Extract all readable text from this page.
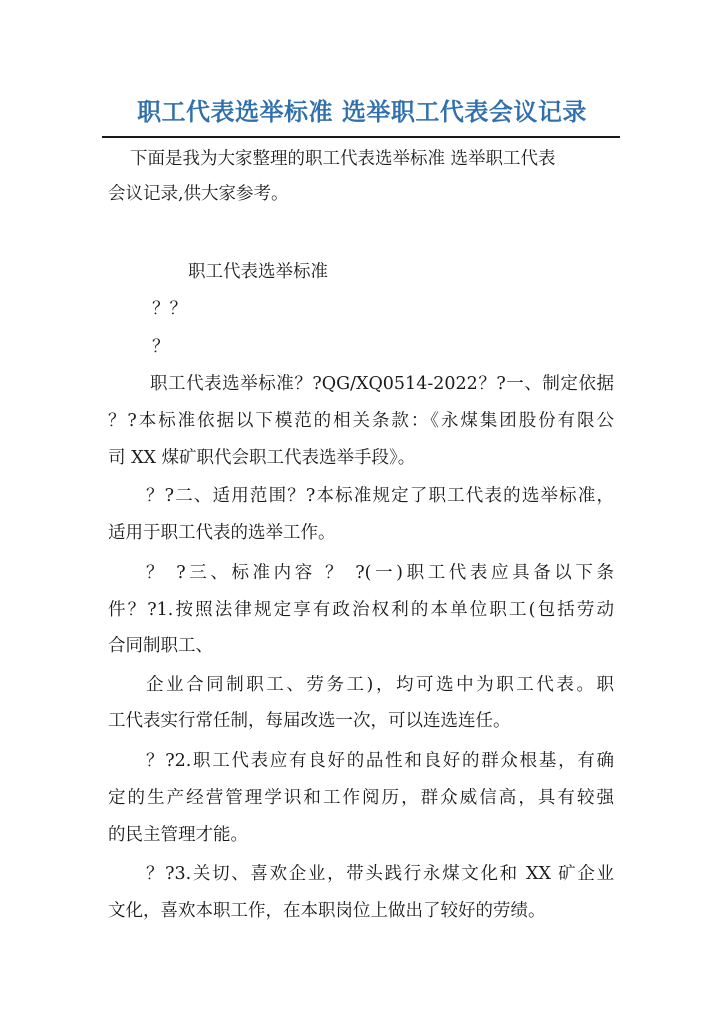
职工代表选举标准 选举职工代表会议记录
下面是我为大家整理的职工代表选举标准 选举职工代表
会议记录,供大家参考。
职工代表选举标准
？？
？
职工代表选举标准？?QG/XQ0514-2022？?一、制定依据
？?本标准依据以下模范的相关条款：《永煤集团股份有限公
司 XX 煤矿职代会职工代表选举手段》。
？?二、适用范围？?本标准规定了职工代表的选举标准，
适用于职工代表的选举工作。
？ ?三、标准内容 ？ ?(一)职工代表应具备以下条
件？?1.按照法律规定享有政治权利的本单位职工(包括劳动
合同制职工、
企业合同制职工、劳务工)，均可选中为职工代表。职
工代表实行常任制，每届改选一次，可以连选连任。
？?2.职工代表应有良好的品性和良好的群众根基，有确
定的生产经营管理学识和工作阅历，群众威信高，具有较强
的民主管理才能。
？?3.关切、喜欢企业，带头践行永煤文化和 XX 矿企业
文化，喜欢本职工作，在本职岗位上做出了较好的劳绩。
